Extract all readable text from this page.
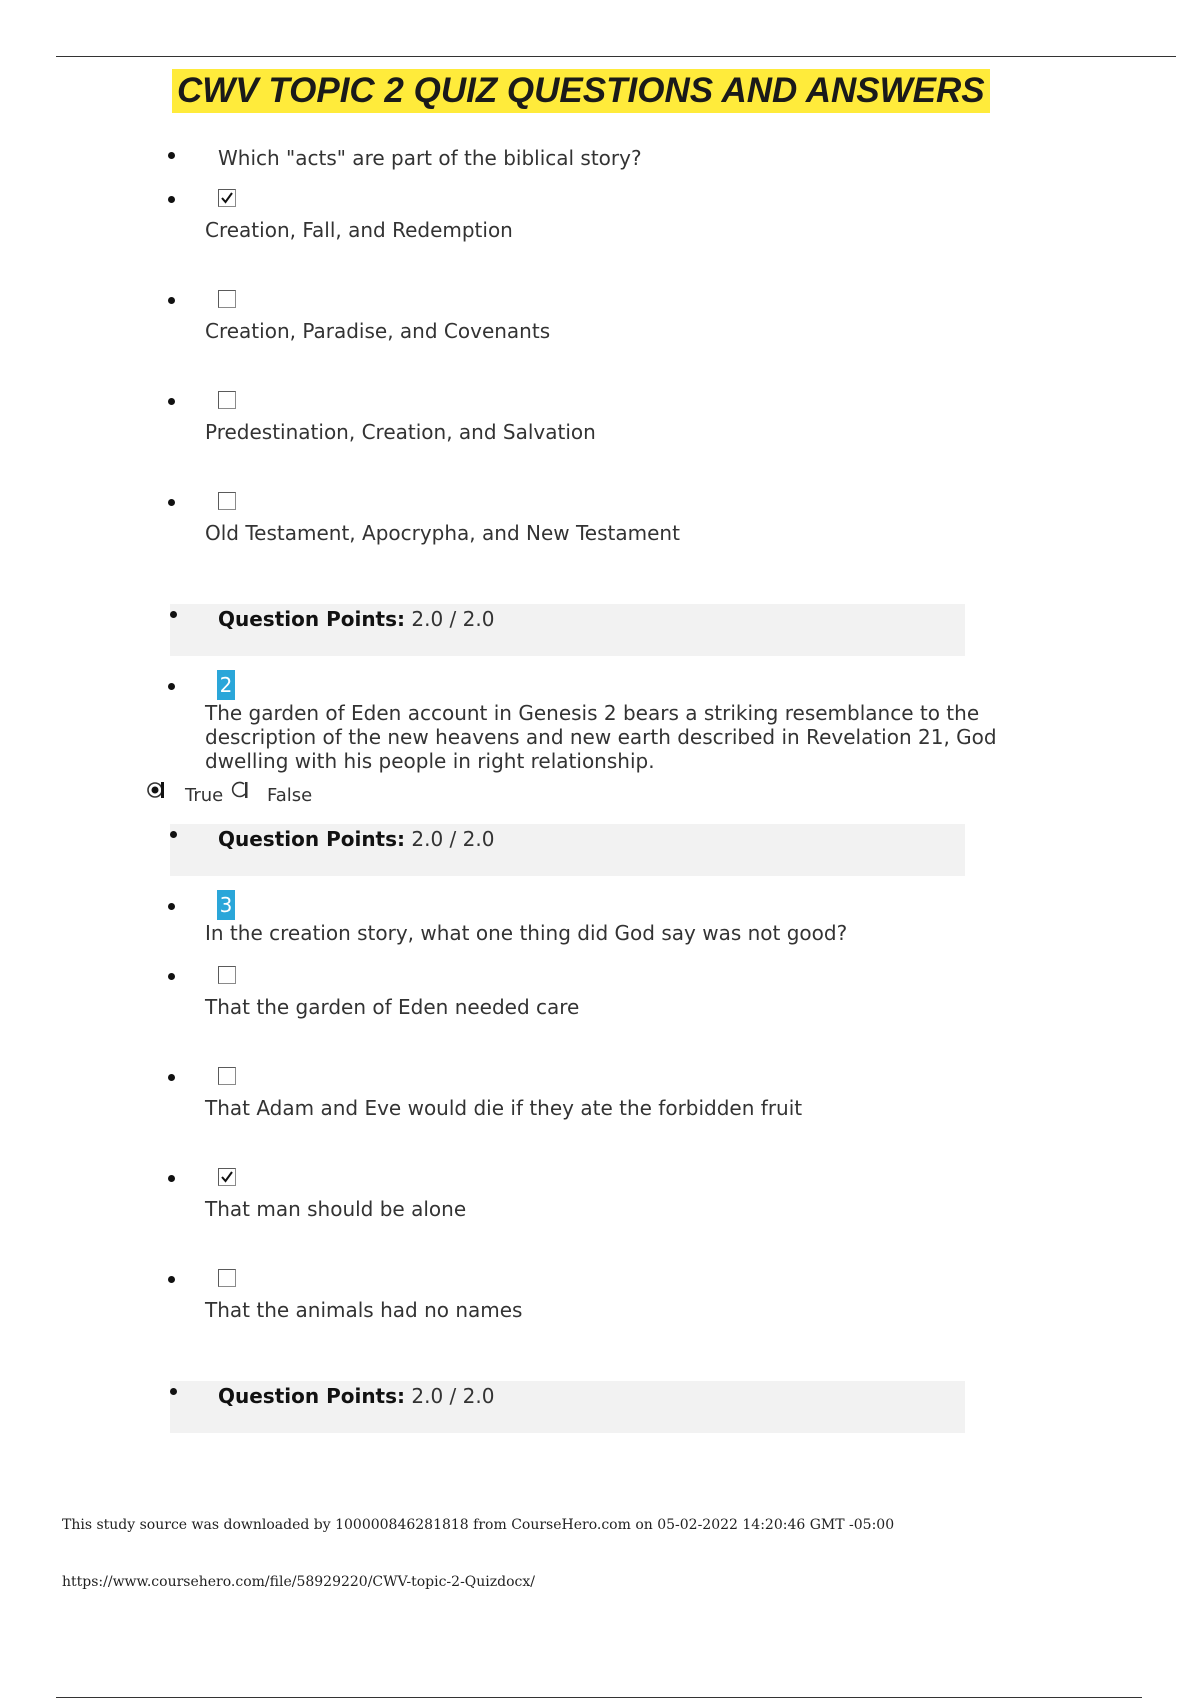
CWV TOPIC 2 QUIZ QUESTIONS AND ANSWERS
Which "acts" are part of the biblical story?
Creation, Fall, and Redemption
Creation, Paradise, and Covenants
Predestination, Creation, and Salvation
Old Testament, Apocrypha, and New Testament
Question Points: 2.0 / 2.0
2
The garden of Eden account in Genesis 2 bears a striking resemblance to the description of the new heavens and new earth described in Revelation 21, God dwelling with his people in right relationship.
True False
Question Points: 2.0 / 2.0
3
In the creation story, what one thing did God say was not good?
That the garden of Eden needed care
That Adam and Eve would die if they ate the forbidden fruit
That man should be alone
That the animals had no names
Question Points: 2.0 / 2.0
This study source was downloaded by 100000846281818 from CourseHero.com on 05-02-2022 14:20:46 GMT -05:00
https://www.coursehero.com/file/58929220/CWV-topic-2-Quizdocx/
